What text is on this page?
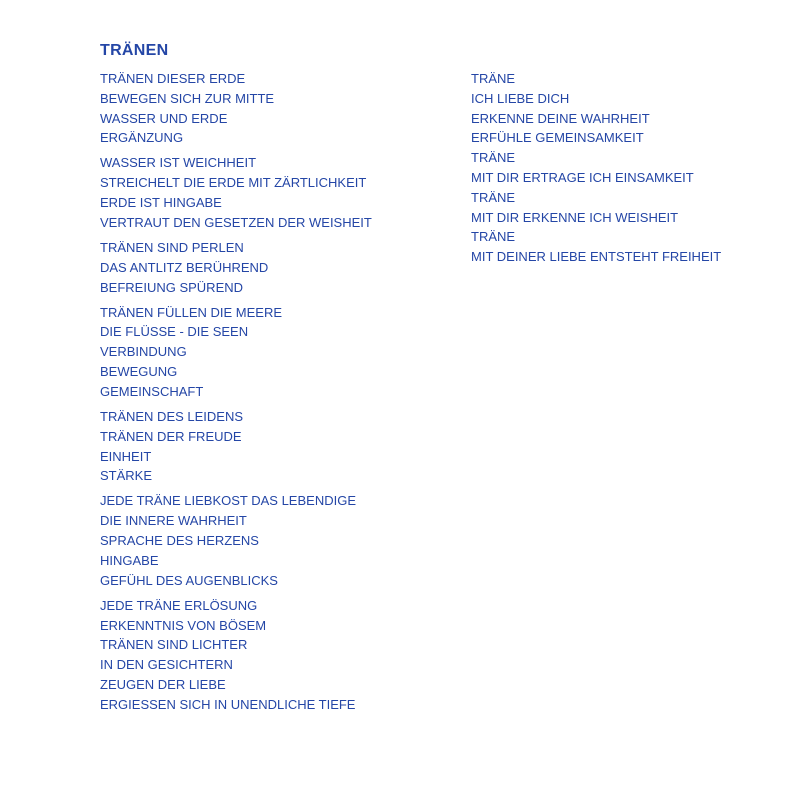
TRÄNEN
TRÄNEN DIESER ERDE
BEWEGEN SICH ZUR MITTE
WASSER UND ERDE
ERGÄNZUNG
WASSER IST WEICHHEIT
STREICHELT DIE ERDE MIT ZÄRTLICHKEIT
ERDE IST HINGABE
VERTRAUT DEN GESETZEN DER WEISHEIT
TRÄNEN SIND PERLEN
DAS ANTLITZ BERÜHREND
BEFREIUNG SPÜREND
TRÄNEN FÜLLEN DIE MEERE
DIE FLÜSSE - DIE SEEN
VERBINDUNG
BEWEGUNG
GEMEINSCHAFT
TRÄNEN DES LEIDENS
TRÄNEN DER FREUDE
EINHEIT
STÄRKE
JEDE TRÄNE LIEBKOST DAS LEBENDIGE
DIE INNERE WAHRHEIT
SPRACHE DES HERZENS
HINGABE
GEFÜHL DES AUGENBLICKS
JEDE TRÄNE ERLÖSUNG
ERKENNTNIS VON BÖSEM
TRÄNEN SIND LICHTER
IN DEN GESICHTERN
ZEUGEN DER LIEBE
ERGIESSEN SICH IN UNENDLICHE TIEFE
TRÄNE
ICH LIEBE DICH
ERKENNE DEINE WAHRHEIT
ERFÜHLE GEMEINSAMKEIT
TRÄNE
MIT DIR ERTRAGE ICH EINSAMKEIT
TRÄNE
MIT DIR ERKENNE ICH WEISHEIT
TRÄNE
MIT DEINER LIEBE ENTSTEHT FREIHEIT
